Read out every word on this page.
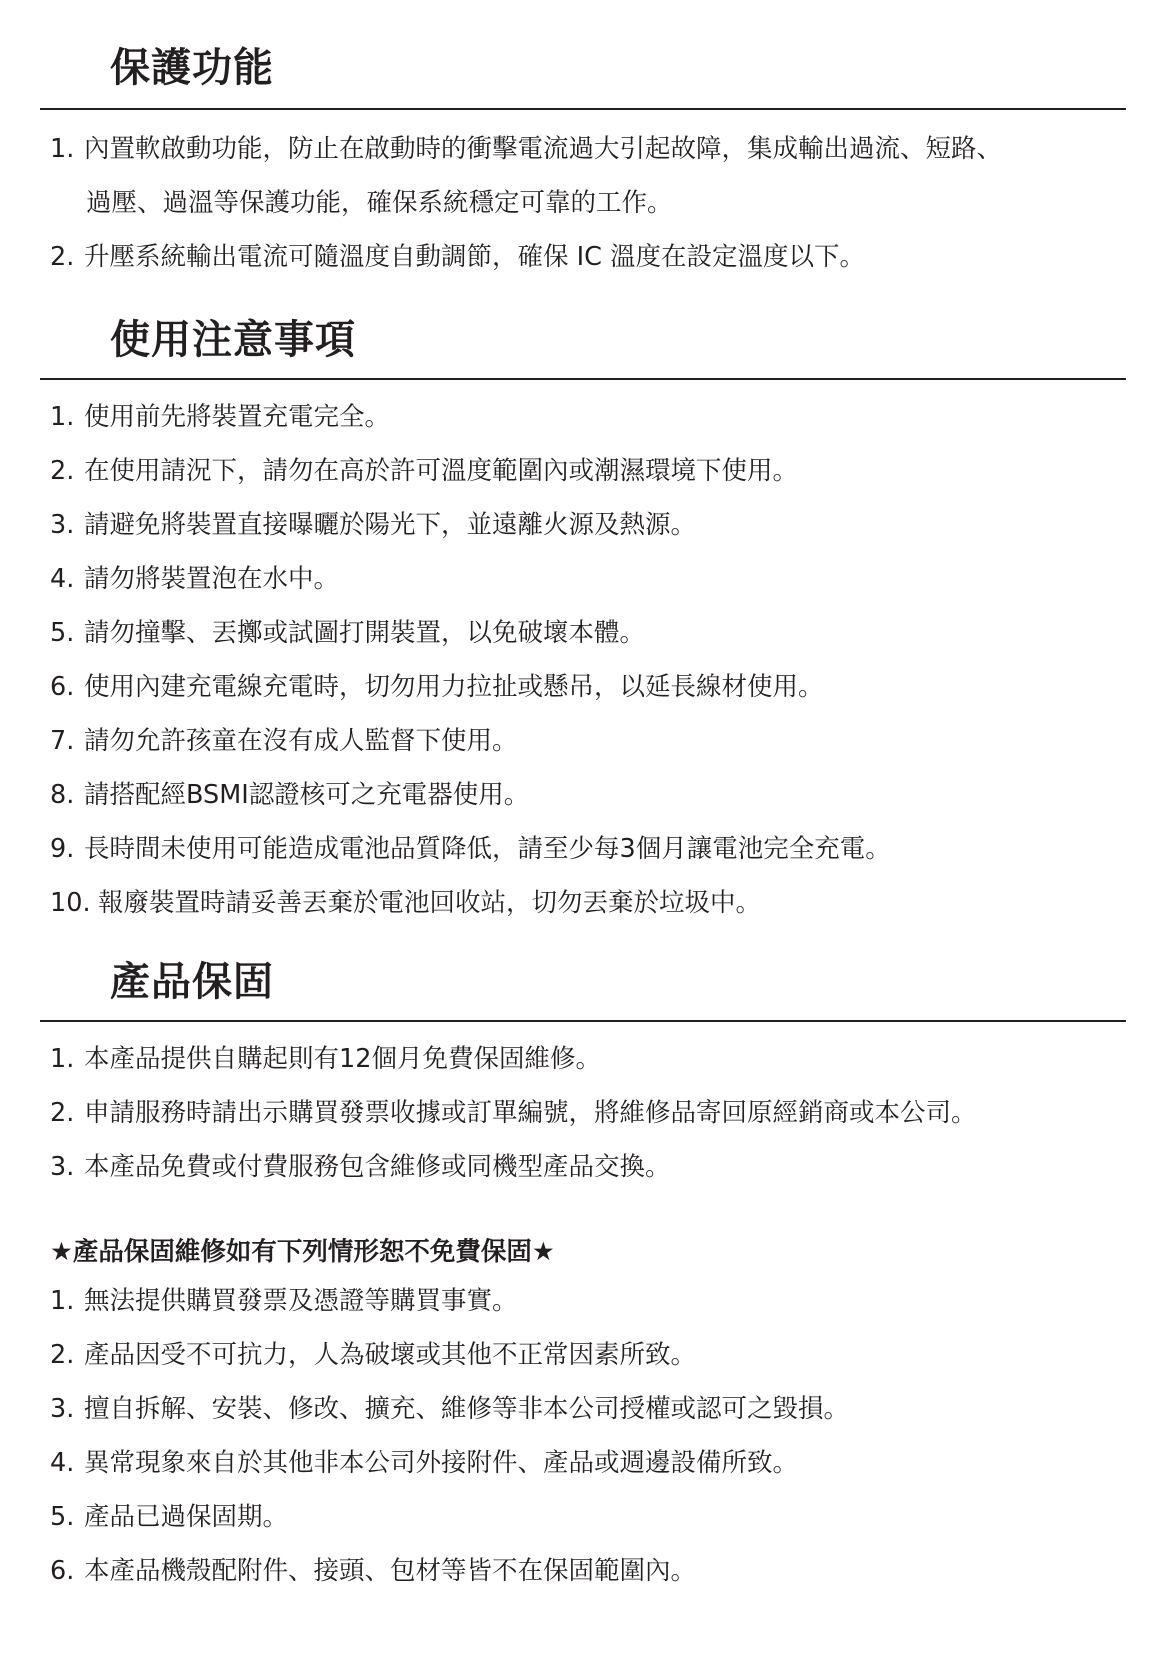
保護功能
1. 內置軟啟動功能，防止在啟動時的衝擊電流過大引起故障，集成輸出過流、短路、
過壓、過溫等保護功能，確保系統穩定可靠的工作。
2. 升壓系統輸出電流可隨溫度自動調節，確保 IC 溫度在設定溫度以下。
使用注意事項
1. 使用前先將裝置充電完全。
2. 在使用請況下，請勿在高於許可溫度範圍內或潮濕環境下使用。
3. 請避免將裝置直接曝曬於陽光下，並遠離火源及熱源。
4. 請勿將裝置泡在水中。
5. 請勿撞擊、丟擲或試圖打開裝置，以免破壞本體。
6. 使用內建充電線充電時，切勿用力拉扯或懸吊，以延長線材使用。
7. 請勿允許孩童在沒有成人監督下使用。
8. 請搭配經BSMI認證核可之充電器使用。
9. 長時間未使用可能造成電池品質降低，請至少每3個月讓電池完全充電。
10. 報廢裝置時請妥善丟棄於電池回收站，切勿丟棄於垃圾中。
產品保固
1. 本產品提供自購起則有12個月免費保固維修。
2. 申請服務時請出示購買發票收據或訂單編號，將維修品寄回原經銷商或本公司。
3. 本產品免費或付費服務包含維修或同機型產品交換。
★產品保固維修如有下列情形恕不免費保固★
1. 無法提供購買發票及憑證等購買事實。
2. 產品因受不可抗力，人為破壞或其他不正常因素所致。
3. 擅自拆解、安裝、修改、擴充、維修等非本公司授權或認可之毀損。
4. 異常現象來自於其他非本公司外接附件、產品或週邊設備所致。
5. 產品已過保固期。
6. 本產品機殼配附件、接頭、包材等皆不在保固範圍內。
